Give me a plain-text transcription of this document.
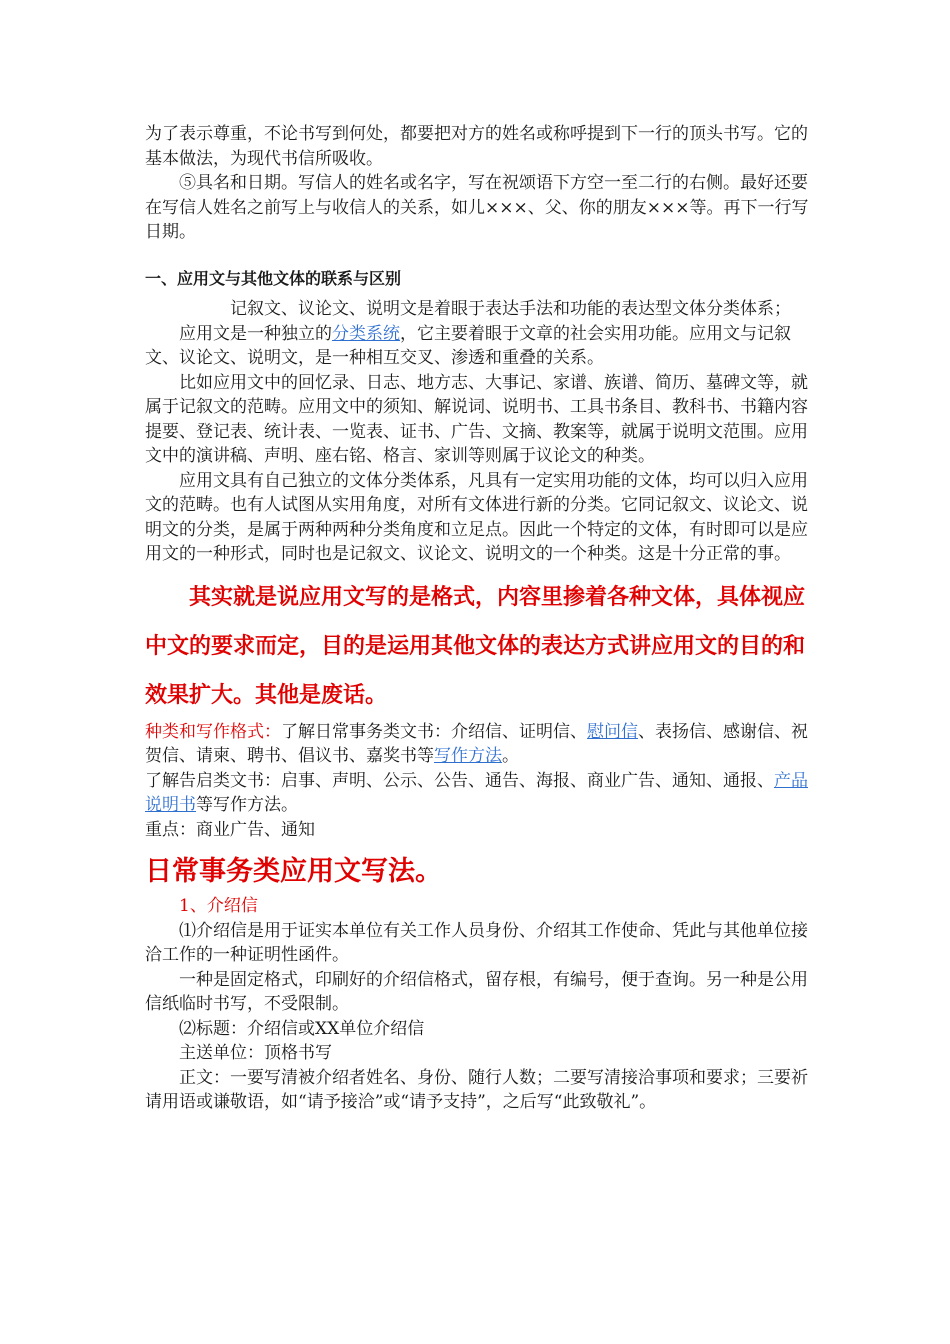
为了表示尊重，不论书写到何处，都要把对方的姓名或称呼提到下一行的顶头书写。它的基本做法，为现代书信所吸收。

⑤具名和日期。写信人的姓名或名字，写在祝颂语下方空一至二行的右侧。最好还要在写信人姓名之前写上与收信人的关系，如儿×××、父、你的朋友×××等。再下一行写日期。

一、应用文与其他文体的联系与区别

记叙文、议论文、说明文是着眼于表达手法和功能的表达型文体分类体系；

应用文是一种独立的分类系统，它主要着眼于文章的社会实用功能。应用文与记叙文、议论文、说明文，是一种相互交叉、渗透和重叠的关系。

比如应用文中的回忆录、日志、地方志、大事记、家谱、族谱、简历、墓碑文等，就属于记叙文的范畴。应用文中的须知、解说词、说明书、工具书条目、教科书、书籍内容提要、登记表、统计表、一览表、证书、广告、文摘、教案等，就属于说明文范围。应用文中的演讲稿、声明、座右铭、格言、家训等则属于议论文的种类。

应用文具有自己独立的文体分类体系，凡具有一定实用功能的文体，均可以归入应用文的范畴。也有人试图从实用角度，对所有文体进行新的分类。它同记叙文、议论文、说明文的分类，是属于两种两种分类角度和立足点。因此一个特定的文体，有时即可以是应用文的一种形式，同时也是记叙文、议论文、说明文的一个种类。这是十分正常的事。

其实就是说应用文写的是格式，内容里掺着各种文体，具体视应中文的要求而定，目的是运用其他文体的表达方式讲应用文的目的和效果扩大。其他是废话。

种类和写作格式：了解日常事务类文书：介绍信、证明信、慰问信、表扬信、感谢信、祝贺信、请柬、聘书、倡议书、嘉奖书等写作方法。

了解告启类文书：启事、声明、公示、公告、通告、海报、商业广告、通知、通报、产品说明书等写作方法。

重点：商业广告、通知

日常事务类应用文写法。

1、介绍信

⑴介绍信是用于证实本单位有关工作人员身份、介绍其工作使命、凭此与其他单位接洽工作的一种证明性函件。

一种是固定格式，印刷好的介绍信格式，留存根，有编号，便于查询。另一种是公用信纸临时书写，不受限制。

⑵标题：介绍信或XX单位介绍信

主送单位：顶格书写

正文：一要写清被介绍者姓名、身份、随行人数；二要写清接洽事项和要求；三要祈请用语或谦敬语，如“请予接洽”或“请予支持”，之后写“此致敬礼”。
